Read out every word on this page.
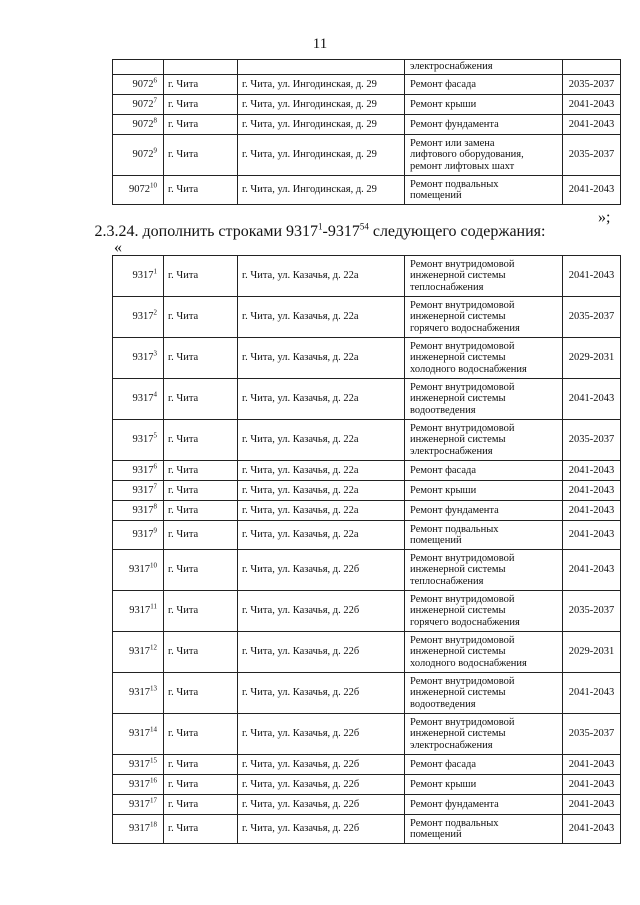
11

			электроснабжения	

9072$^6$	г. Чита	г. Чита, ул. Ингодинская, д. 29	Ремонт фасада	2035-2037
9072$^7$	г. Чита	г. Чита, ул. Ингодинская, д. 29	Ремонт крыши	2041-2043
9072$^8$	г. Чита	г. Чита, ул. Ингодинская, д. 29	Ремонт фундамента	2041-2043
9072$^9$	г. Чита	г. Чита, ул. Ингодинская, д. 29	Ремонт или замена
лифтового оборудования,
ремонт лифтовых шахт	2035-2037
9072$^{10}$	г. Чита	г. Чита, ул. Ингодинская, д. 29	Ремонт подвальных
помещений	2041-2043
»;
2.3.24. дополнить строками 9317$^1$-9317$^{54}$ следующего содержания:
«
9317$^1$	г. Чита	г. Чита, ул. Казачья, д. 22а	Ремонт внутридомовой
инженерной системы
теплоснабжения	2041-2043
9317$^2$	г. Чита	г. Чита, ул. Казачья, д. 22а	Ремонт внутридомовой
инженерной системы
горячего водоснабжения	2035-2037
9317$^3$	г. Чита	г. Чита, ул. Казачья, д. 22а	Ремонт внутридомовой
инженерной системы
холодного водоснабжения	2029-2031
9317$^4$	г. Чита	г. Чита, ул. Казачья, д. 22а	Ремонт внутридомовой
инженерной системы
водоотведения	2041-2043
9317$^5$	г. Чита	г. Чита, ул. Казачья, д. 22а	Ремонт внутридомовой
инженерной системы
электроснабжения	2035-2037
9317$^6$	г. Чита	г. Чита, ул. Казачья, д. 22а	Ремонт фасада	2041-2043
9317$^7$	г. Чита	г. Чита, ул. Казачья, д. 22а	Ремонт крыши	2041-2043
9317$^8$	г. Чита	г. Чита, ул. Казачья, д. 22а	Ремонт фундамента	2041-2043
9317$^9$	г. Чита	г. Чита, ул. Казачья, д. 22а	Ремонт подвальных
помещений	2041-2043
9317$^{10}$	г. Чита	г. Чита, ул. Казачья, д. 22б	Ремонт внутридомовой
инженерной системы
теплоснабжения	2041-2043
9317$^{11}$	г. Чита	г. Чита, ул. Казачья, д. 22б	Ремонт внутридомовой
инженерной системы
горячего водоснабжения	2035-2037
9317$^{12}$	г. Чита	г. Чита, ул. Казачья, д. 22б	Ремонт внутридомовой
инженерной системы
холодного водоснабжения	2029-2031
9317$^{13}$	г. Чита	г. Чита, ул. Казачья, д. 22б	Ремонт внутридомовой
инженерной системы
водоотведения	2041-2043
9317$^{14}$	г. Чита	г. Чита, ул. Казачья, д. 22б	Ремонт внутридомовой
инженерной системы
электроснабжения	2035-2037
9317$^{15}$	г. Чита	г. Чита, ул. Казачья, д. 22б	Ремонт фасада	2041-2043
9317$^{16}$	г. Чита	г. Чита, ул. Казачья, д. 22б	Ремонт крыши	2041-2043
9317$^{17}$	г. Чита	г. Чита, ул. Казачья, д. 22б	Ремонт фундамента	2041-2043
9317$^{18}$	г. Чита	г. Чита, ул. Казачья, д. 22б	Ремонт подвальных
помещений	2041-2043
